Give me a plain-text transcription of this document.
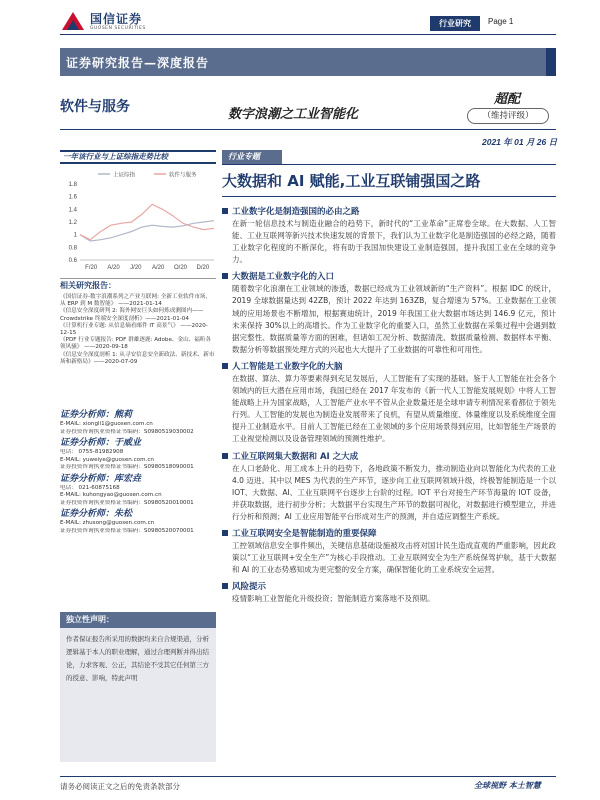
国信证券
GUOSEN SECURITIES
行业研究	Page 1
证券研究报告—深度报告
软件与服务	数字浪潮之工业智能化
超配
（维持评级）
2021 年 01 月 26 日
一年该行业与上证综指走势比较
上证综指	软件与服务
1.8
1.6
1.4
1.2
1
0.8
0.6
F/20 A/20 J/20 A/20 O/20 D/20
相关研究报告：
《国信证券-数字浪潮系列之产业互联网: 全新工业软件市场，从 ERP 到 M 数智能》 ——2021-01-14
《信息安全深度研判 2: 海外网安巨头如何炼成测图内——Crowdstrike 终端安全深度剖析》——2021-01-04
《计算机行业专题: 从信息熵看邮件 IT 高景气》 ——2020-12-15
《PDF 行业专题报告: PDF 群雄逐鹿: Adobe、金山、福昕各领风骚》 ——2020-09-18
《信息安全深度剖析 1: 从寻安信息安全新政法、新技术、新市场和新格局》——2020-07-09
证券分析师：熊莉
E-MAIL: xiongli1@guosen.com.cn
证券投资咨询执业资格证书编码：S0980519030002
证券分析师：于威业
电话： 0755-81982908
E-MAIL: yuweiye@guosen.com.cn
证券投资咨询执业资格证书编码：S0980518090001
证券分析师：库宏垚
电话： 021-60875168
E-MAIL: kuhongyao@guosen.com.cn
证券投资咨询执业资格证书编码：S0980520010001
证券分析师：朱松
E-MAIL: zhusong@guosen.com.cn
证券投资咨询执业资格证书编码：S0980520070001
独立性声明：
作者保证报告所采用的数据均来自合规渠道，分析逻辑基于本人的职业理解，通过合理判断并得出结论，力求客观、公正，其结论不受其它任何第三方的授意、影响，特此声明
行业专题
大数据和 AI 赋能,工业互联铺强国之路
工业数字化是制造强国的必由之路
在新一轮信息技术与制造业融合的趋势下，新时代的“工业革命”正席卷全球。在大数据、人工智能、工业互联网等新兴技术快速发展的背景下，我们认为工业数字化是制造强国的必经之路，随着工业数字化程度的不断深化，将有助于我国加快建设工业制造强国，提升我国工业在全球的竞争力。
大数据是工业数字化的入口
随着数字化浪潮在工业领域的渗透，数据已经成为工业领域新的“生产资料”。根据 IDC 的统计，2019 全球数据量达到 42ZB，预计 2022 年达到 163ZB，复合增速为 57%。工业数据在工业领域的应用场景也不断增加，根据赛迪统计，2019 年我国工业大数据市场达到 146.9 亿元，预计未来保持 30%以上的高增长。作为工业数字化的重要入口，虽然工业数据在采集过程中会遇到数据完整性、数据质量等方面的困难，但诸如工况分析、数据清洗、数据质量检测、数据样本平衡、数据分析等数据预处理方式的兴起也大大提升了工业数据的可靠性和可用性。
人工智能是工业数字化的大脑
在数据、算法、算力等要素得到充足发展后，人工智能有了实现的基础。鉴于人工智能在社会各个领域内的巨大潜在应用市场，我国已经在 2017 年发布的《新一代人工智能发展规划》中将人工智能战略上升为国家战略，人工智能产业水平不管从企业数量还是全球申请专利情况来看都位于领先行列。人工智能的发展也为制造业发展带来了良机，有望从质量维度、体量维度以及系统维度全面提升工业制造水平。目前人工智能已经在工业领域的多个应用场景得到应用，比如智能生产场景的工业视觉检测以及设备管理领域的预测性维护。
工业互联网集大数据和 AI 之大成
在人口老龄化、用工成本上升的趋势下，各地政策不断发力，推动制造业向以智能化为代表的工业 4.0 迈进。其中以 MES 为代表的生产环节，逐步向工业互联网领域升级，终极智能制造是一个以 IOT、大数据、AI、工业互联网平台逐步上台阶的过程。IOT 平台对接生产环节海量的 IOT 设备，并获取数据，进行初步分析；大数据平台实现生产环节的数据可视化，对数据进行模型建立，并进行分析和预测；AI 工业应用智能平台形成对生产的预测，并自适应调整生产系统。
工业互联网安全是智能制造的重要保障
工控领域信息安全事件频出，关键信息基础设施被攻击将对国计民生造成直观的严重影响，因此政策以“工业互联网+安全生产”为核心手段推动。工业互联网安全为生产系统保驾护航，基于大数据和 AI 的工业态势感知成为更完整的安全方案，确保智能化的工业系统安全运营。
风险提示
疫情影响工业智能化升级投资；智能制造方案落地不及预期。
请务必阅读正文之后的免责条款部分	全球视野 本土智慧
